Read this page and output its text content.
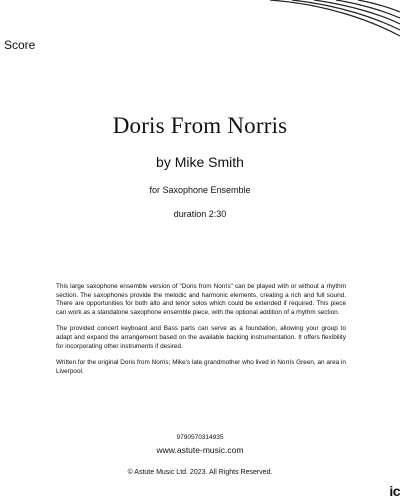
Score
Doris From Norris
by Mike Smith
for Saxophone Ensemble
duration 2:30

This large saxophone ensemble version of "Doris from Norris" can be played with or without a rhythm section. The saxophones provide the melodic and harmonic elements, creating a rich and full sound. There are opportunities for both alto and tenor solos which could be extended if required. This piece can work as a standalone saxophone ensemble piece, with the optional addition of a rhythm section.

The provided concert keyboard and Bass parts can serve as a foundation, allowing your group to adapt and expand the arrangement based on the available backing instrumentation. It offers flexibility for incorporating other instruments if desired.

Written for the original Doris from Norris; Mike's late grandmother who lived in Norris Green, an area in Liverpool.

9790570314935
www.astute-music.com
© Astute Music Ltd. 2023. All Rights Reserved.
ic
